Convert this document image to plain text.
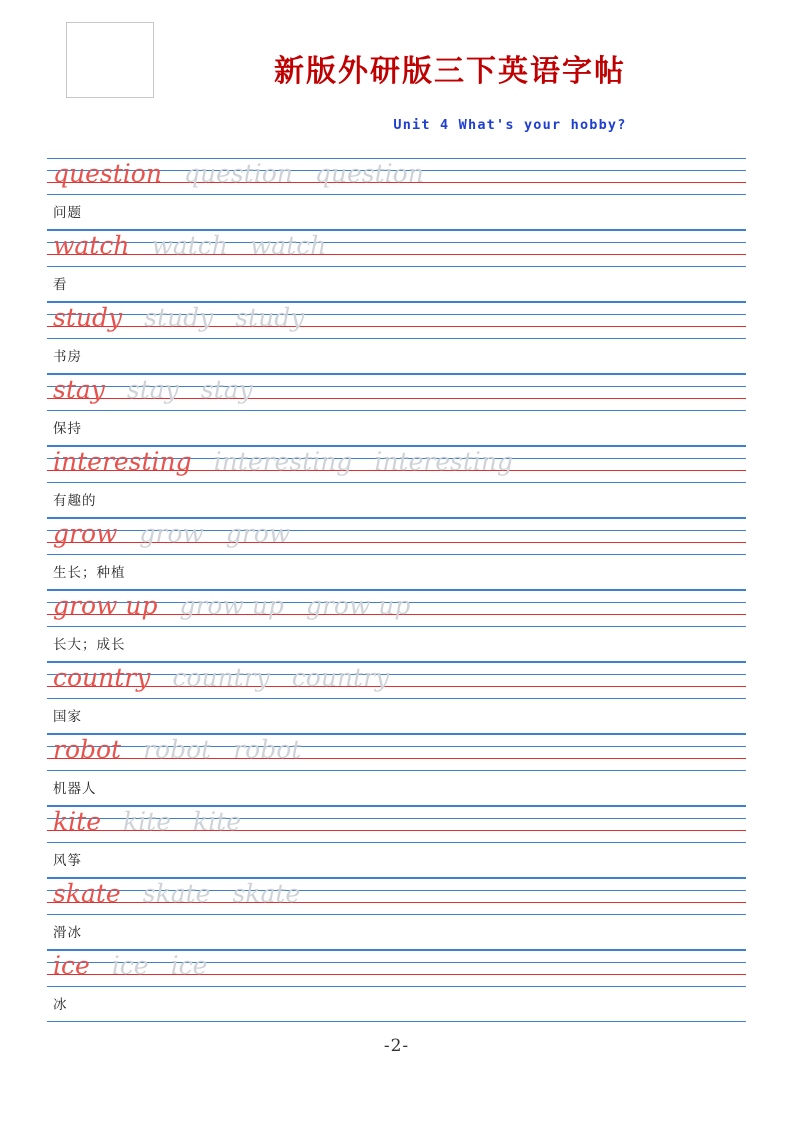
新版外研版三下英语字帖
Unit 4 What's your hobby?
question question question
问题
watch watch watch
看
study study study
书房
stay stay stay
保持
interesting interesting interesting
有趣的
grow grow grow
生长；种植
grow up grow up grow up
长大；成长
country country country
国家
robot robot robot
机器人
kite kite kite
风筝
skate skate skate
滑冰
ice ice ice
冰
-2-
